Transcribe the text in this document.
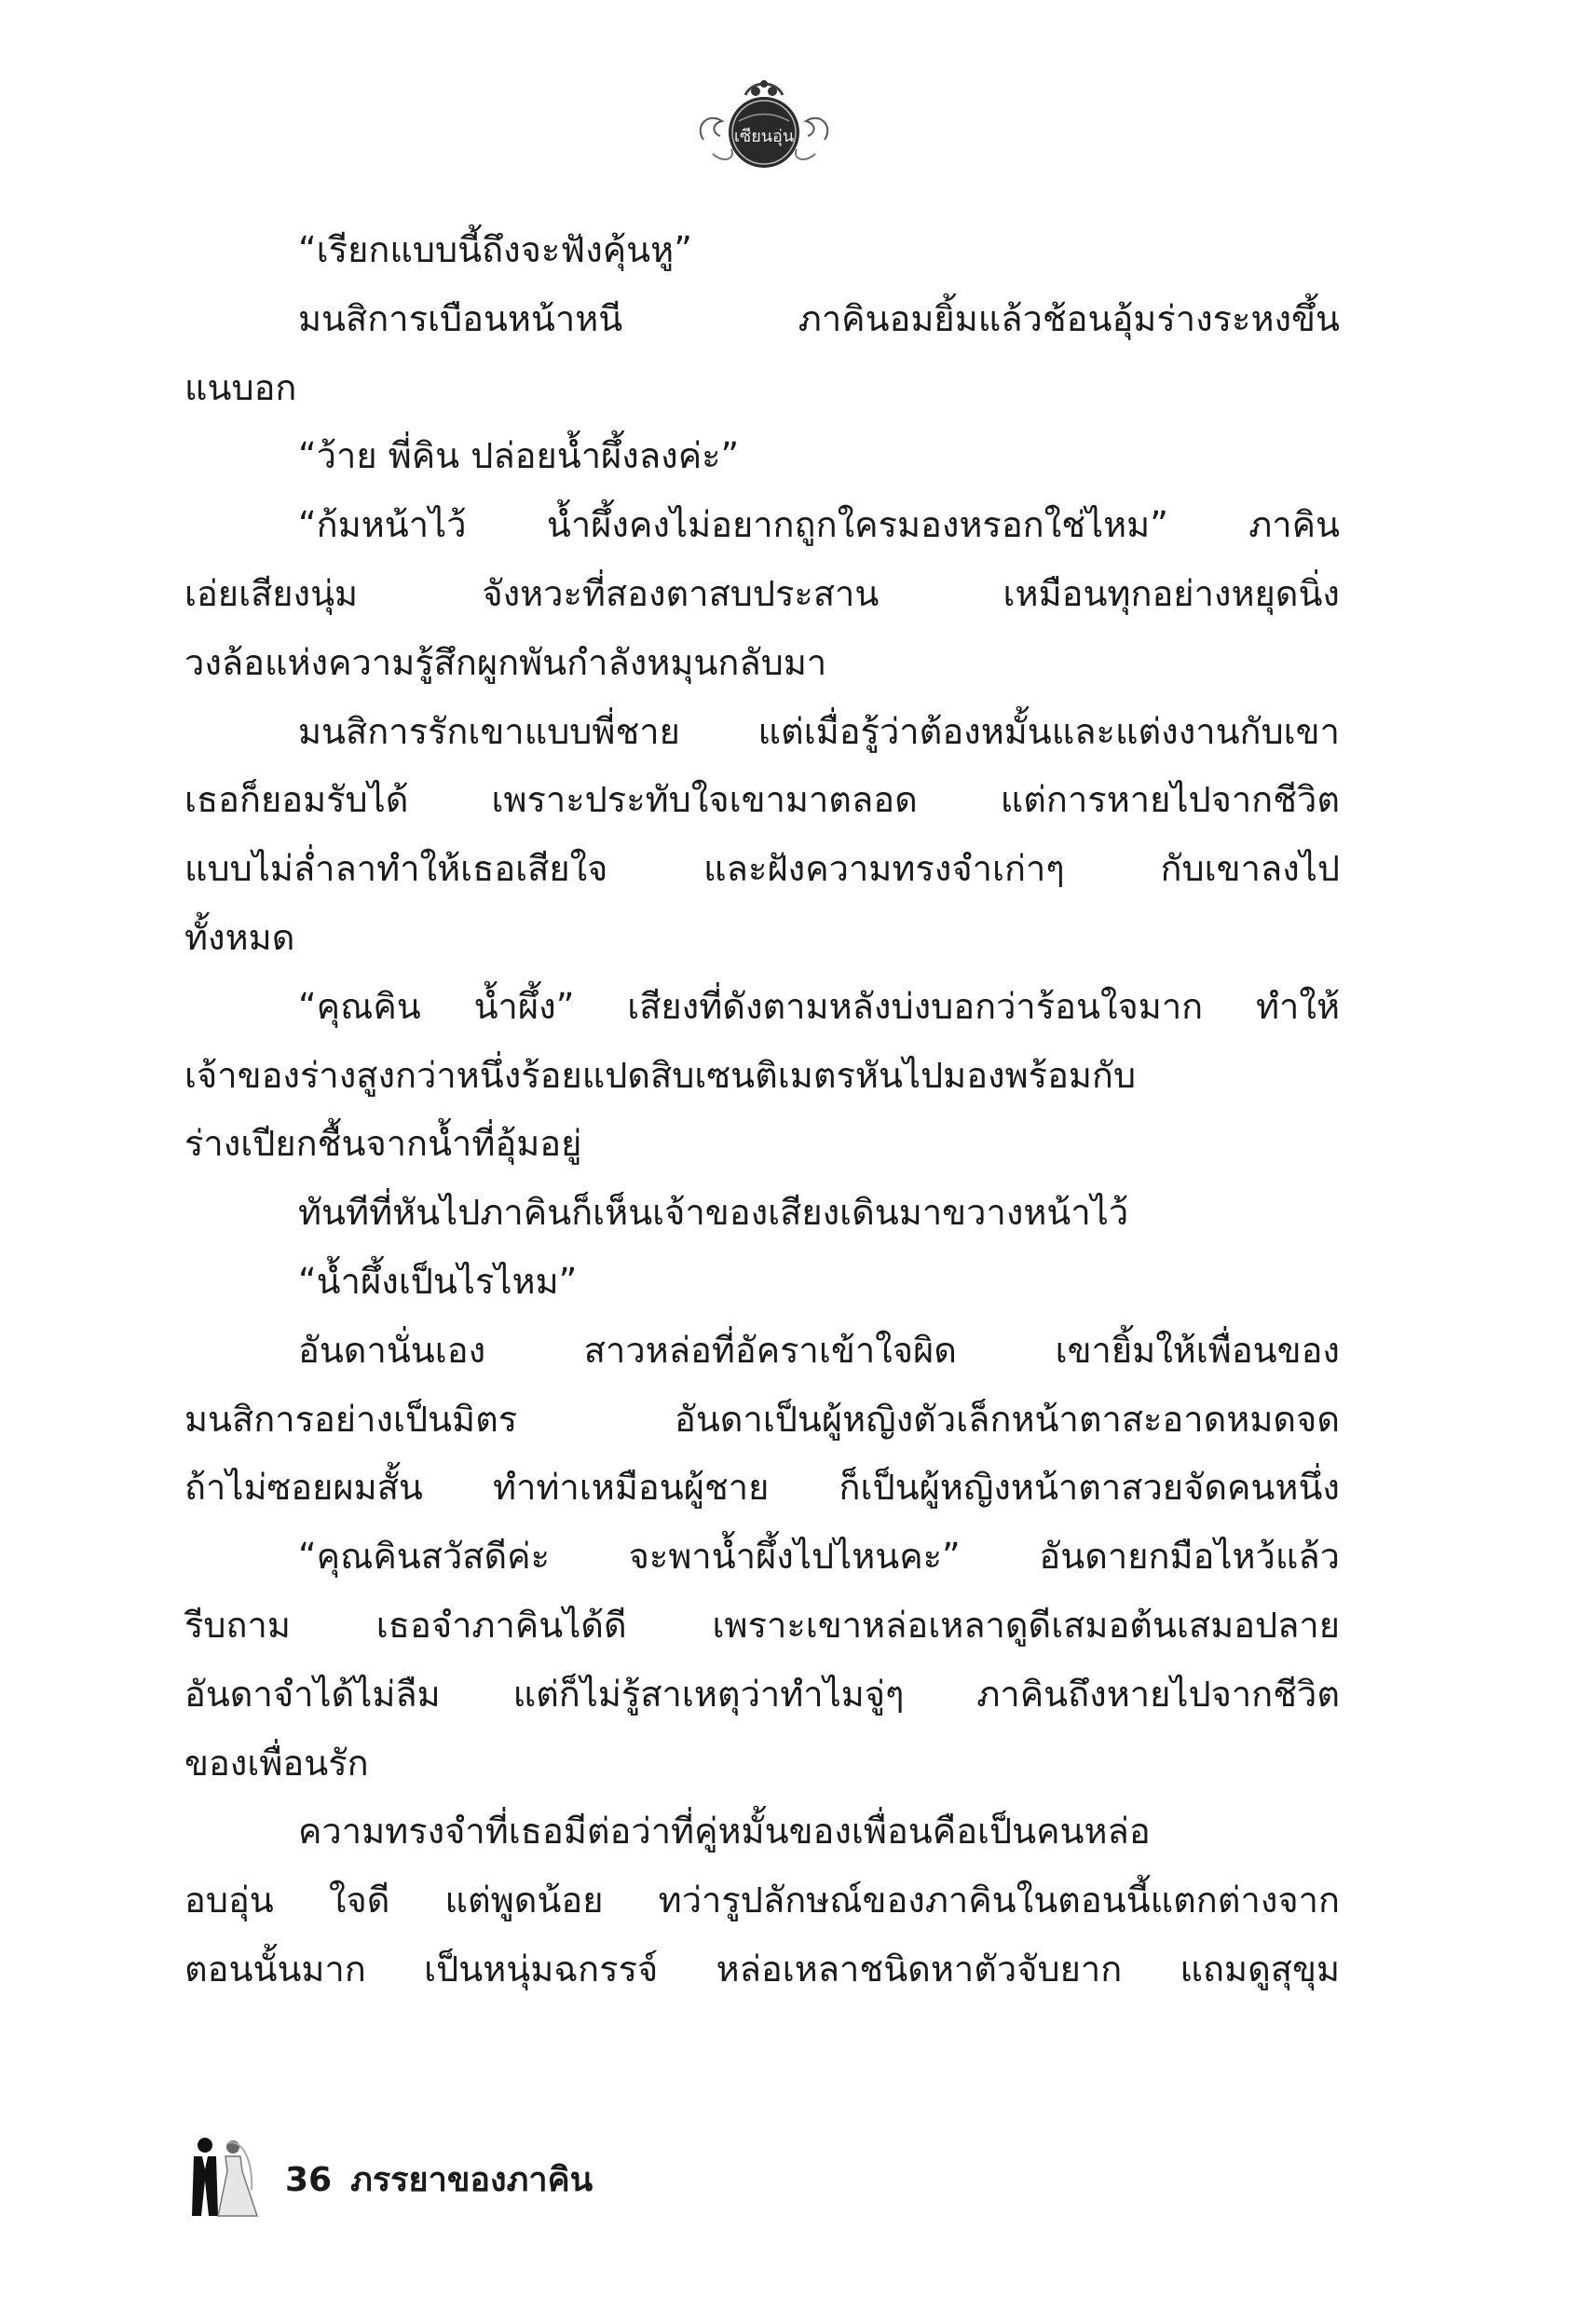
เซียนอุ่น
“เรียกแบบนี้ถึงจะฟังคุ้นหู”
มนสิการเบือนหน้าหนี ภาคินอมยิ้มแล้วช้อนอุ้มร่างระหงขึ้น
แนบอก
“ว้าย พี่คิน ปล่อยน้ำผึ้งลงค่ะ”
“ก้มหน้าไว้ น้ำผึ้งคงไม่อยากถูกใครมองหรอกใช่ไหม” ภาคิน
เอ่ยเสียงนุ่ม จังหวะที่สองตาสบประสาน เหมือนทุกอย่างหยุดนิ่ง
วงล้อแห่งความรู้สึกผูกพันกำลังหมุนกลับมา
มนสิการรักเขาแบบพี่ชาย แต่เมื่อรู้ว่าต้องหมั้นและแต่งงานกับเขา
เธอก็ยอมรับได้ เพราะประทับใจเขามาตลอด แต่การหายไปจากชีวิต
แบบไม่ล่ำลาทำให้เธอเสียใจ และฝังความทรงจำเก่าๆ กับเขาลงไป
ทั้งหมด
“คุณคิน น้ำผึ้ง” เสียงที่ดังตามหลังบ่งบอกว่าร้อนใจมาก ทำให้
เจ้าของร่างสูงกว่าหนึ่งร้อยแปดสิบเซนติเมตรหันไปมองพร้อมกับ
ร่างเปียกชื้นจากน้ำที่อุ้มอยู่
ทันทีที่หันไปภาคินก็เห็นเจ้าของเสียงเดินมาขวางหน้าไว้
“น้ำผึ้งเป็นไรไหม”
อันดานั่นเอง สาวหล่อที่อัคราเข้าใจผิด เขายิ้มให้เพื่อนของ
มนสิการอย่างเป็นมิตร อันดาเป็นผู้หญิงตัวเล็กหน้าตาสะอาดหมดจด
ถ้าไม่ซอยผมสั้น ทำท่าเหมือนผู้ชาย ก็เป็นผู้หญิงหน้าตาสวยจัดคนหนึ่ง
“คุณคินสวัสดีค่ะ จะพาน้ำผึ้งไปไหนคะ” อันดายกมือไหว้แล้ว
รีบถาม เธอจำภาคินได้ดี เพราะเขาหล่อเหลาดูดีเสมอต้นเสมอปลาย
อันดาจำได้ไม่ลืม แต่ก็ไม่รู้สาเหตุว่าทำไมจู่ๆ ภาคินถึงหายไปจากชีวิต
ของเพื่อนรัก
ความทรงจำที่เธอมีต่อว่าที่คู่หมั้นของเพื่อนคือเป็นคนหล่อ
อบอุ่น ใจดี แต่พูดน้อย ทว่ารูปลักษณ์ของภาคินในตอนนี้แตกต่างจาก
ตอนนั้นมาก เป็นหนุ่มฉกรรจ์ หล่อเหลาชนิดหาตัวจับยาก แถมดูสุขุม
36 ภรรยาของภาคิน
